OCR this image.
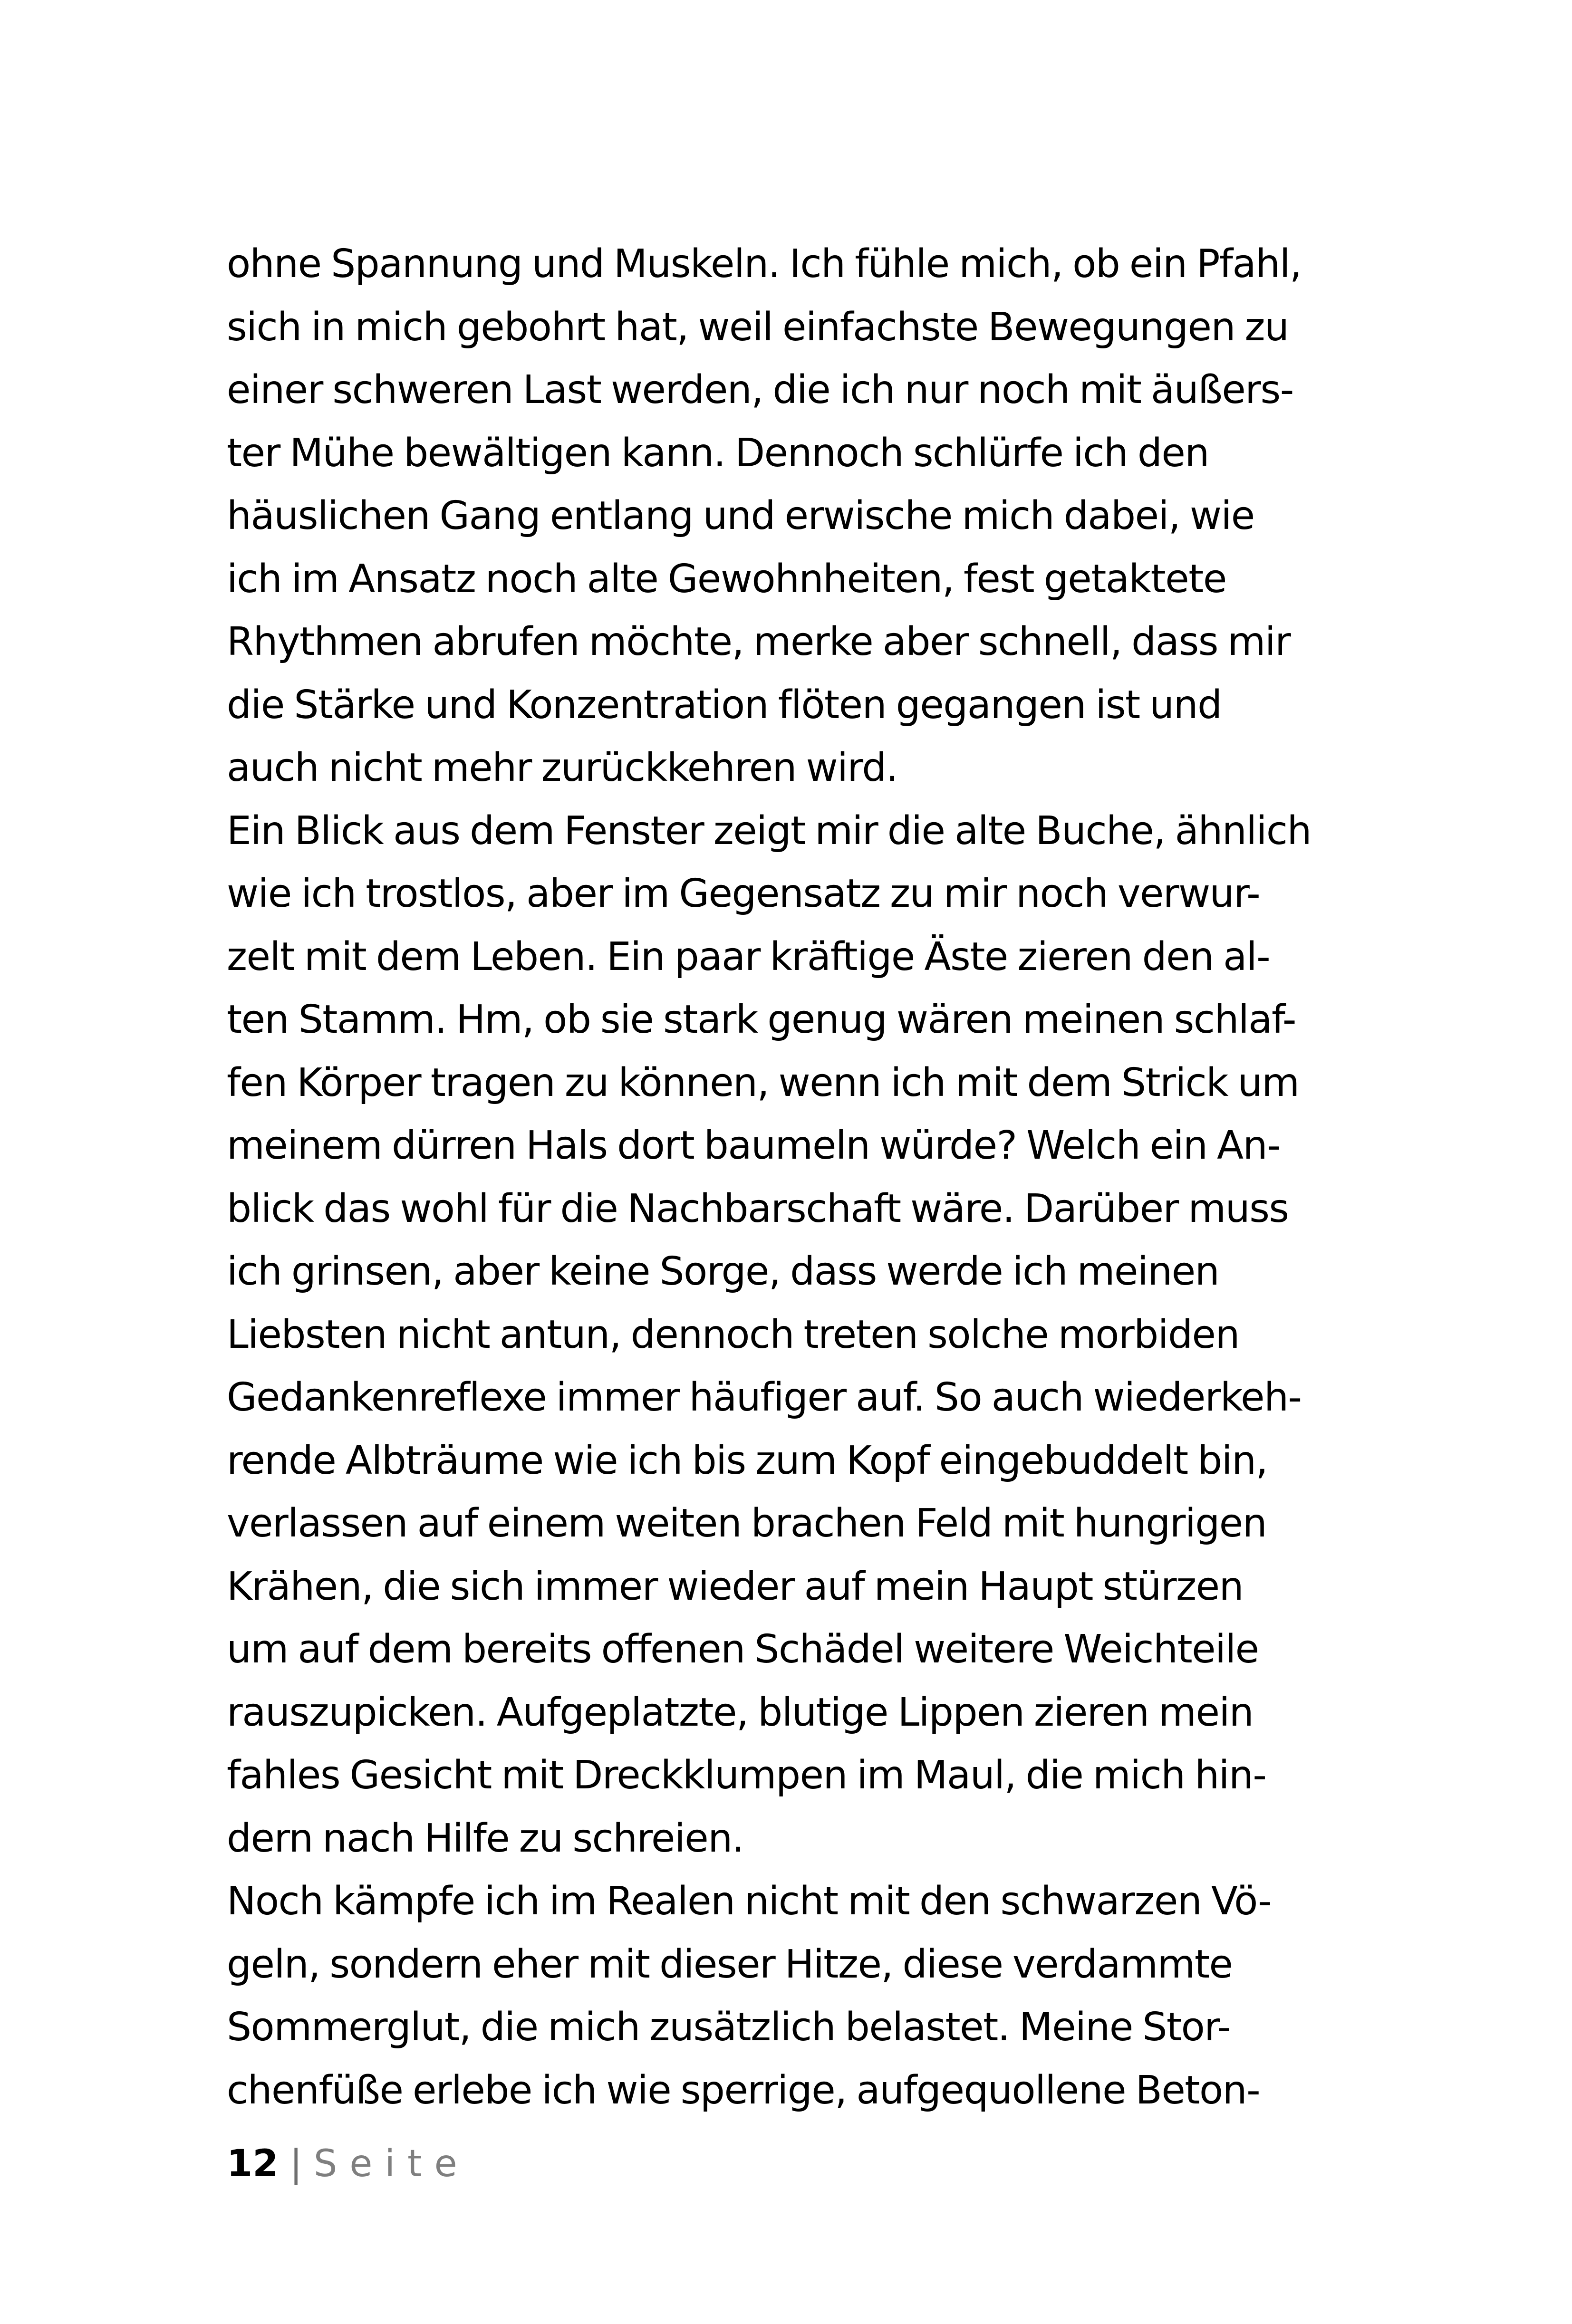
ohne Spannung und Muskeln. Ich fühle mich, ob ein Pfahl,
sich in mich gebohrt hat, weil einfachste Bewegungen zu
einer schweren Last werden, die ich nur noch mit äußers-
ter Mühe bewältigen kann. Dennoch schlürfe ich den
häuslichen Gang entlang und erwische mich dabei, wie
ich im Ansatz noch alte Gewohnheiten, fest getaktete
Rhythmen abrufen möchte, merke aber schnell, dass mir
die Stärke und Konzentration flöten gegangen ist und
auch nicht mehr zurückkehren wird.
Ein Blick aus dem Fenster zeigt mir die alte Buche, ähnlich
wie ich trostlos, aber im Gegensatz zu mir noch verwur-
zelt mit dem Leben. Ein paar kräftige Äste zieren den al-
ten Stamm. Hm, ob sie stark genug wären meinen schlaf-
fen Körper tragen zu können, wenn ich mit dem Strick um
meinem dürren Hals dort baumeln würde? Welch ein An-
blick das wohl für die Nachbarschaft wäre. Darüber muss
ich grinsen, aber keine Sorge, dass werde ich meinen
Liebsten nicht antun, dennoch treten solche morbiden
Gedankenreflexe immer häufiger auf. So auch wiederkeh-
rende Albträume wie ich bis zum Kopf eingebuddelt bin,
verlassen auf einem weiten brachen Feld mit hungrigen
Krähen, die sich immer wieder auf mein Haupt stürzen
um auf dem bereits offenen Schädel weitere Weichteile
rauszupicken. Aufgeplatzte, blutige Lippen zieren mein
fahles Gesicht mit Dreckklumpen im Maul, die mich hin-
dern nach Hilfe zu schreien.
Noch kämpfe ich im Realen nicht mit den schwarzen Vö-
geln, sondern eher mit dieser Hitze, diese verdammte
Sommerglut, die mich zusätzlich belastet. Meine Stor-
chenfüße erlebe ich wie sperrige, aufgequollene Beton-
12 | Seite
